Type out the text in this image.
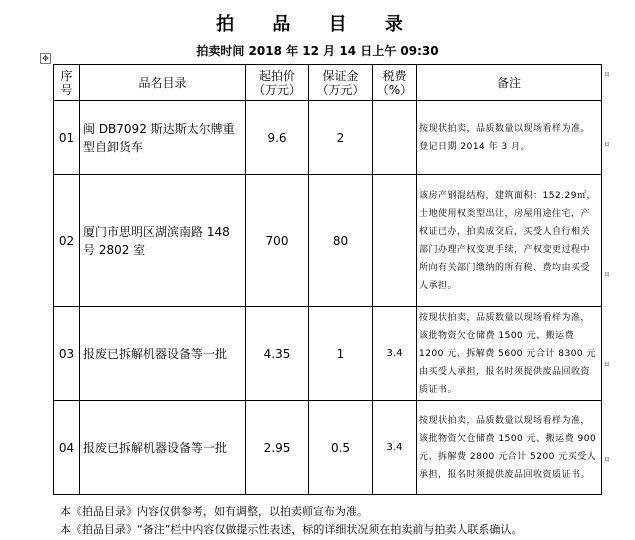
拍 品 目 录
拍卖时间 2018 年 12 月 14 日上午 09:30
✥
序号	品名目录	起拍价（万元）	保证金（万元）	税费（%）	备注
01	闽 DB7092 斯达斯太尔牌重型自卸货车	9.6	2		按现状拍卖，品质数量以现场看样为准。登记日期 2014 年 3 月。
02	厦门市思明区湖滨南路 148 号 2802 室	700	80		该房产钢混结构，建筑面积：152.29㎡，土地使用权类型出让，房屋用途住宅，产权证已办，拍卖成交后，买受人自行相关部门办理产权变更手续，产权变更过程中所向有关部门缴纳的所有税、费均由买受人承担。
03	报废已拆解机器设备等一批	4.35	1	3.4	按现状拍卖，品质数量以现场看样为准，该批物资欠仓储费 1500 元、搬运费 1200 元、拆解费 5600 元合计 8300 元由买受人承担，报名时须提供废品回收资质证书。
04	报废已拆解机器设备等一批	2.95	0.5	3.4	按现状拍卖，品质数量以现场看样为准，该批物资欠仓储费 1500 元、搬运费 900 元、拆解费 2800 元合计 5200 元买受人承担，报名时须提供废品回收资质证书。
¤
¤
¤
¤
¤
本《拍品目录》内容仅供参考，如有调整，以拍卖师宣布为准。
本《拍品目录》“备注”栏中内容仅做提示性表述，标的详细状况须在拍卖前与拍卖人联系确认。
